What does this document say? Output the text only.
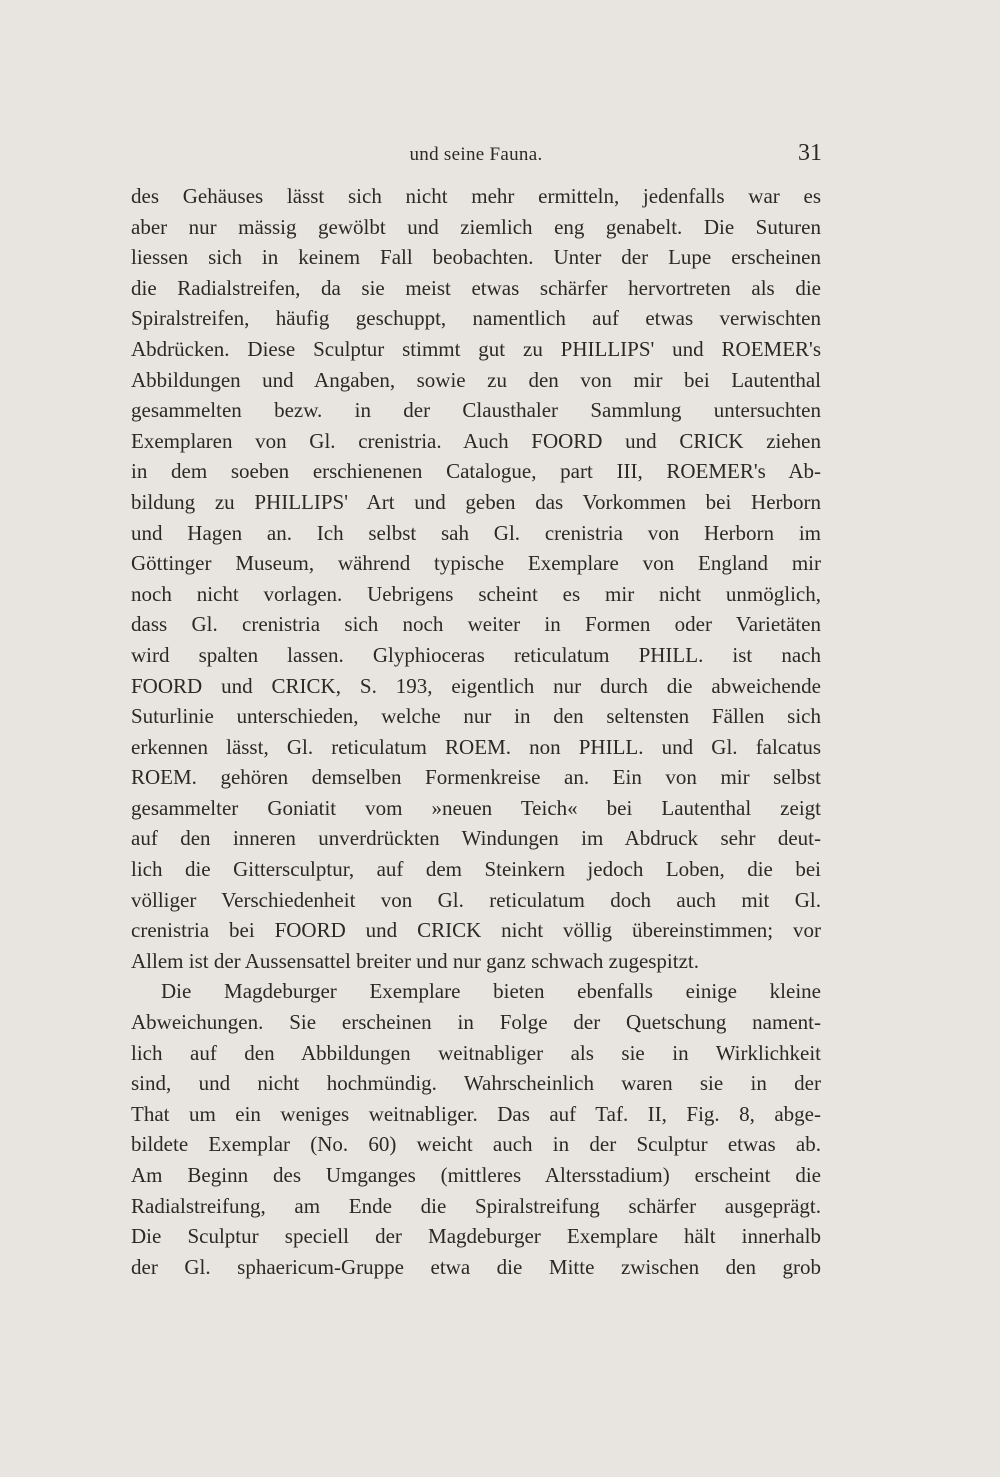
und seine Fauna.	31
des Gehäuses lässt sich nicht mehr ermitteln, jedenfalls war es
aber nur mässig gewölbt und ziemlich eng genabelt. Die Suturen
liessen sich in keinem Fall beobachten. Unter der Lupe erscheinen
die Radialstreifen, da sie meist etwas schärfer hervortreten als die
Spiralstreifen, häufig geschuppt, namentlich auf etwas verwischten
Abdrücken. Diese Sculptur stimmt gut zu PHILLIPS' und ROEMER's
Abbildungen und Angaben, sowie zu den von mir bei Lautenthal
gesammelten bezw. in der Clausthaler Sammlung untersuchten
Exemplaren von Gl. crenistria. Auch FOORD und CRICK ziehen
in dem soeben erschienenen Catalogue, part III, ROEMER's Ab-
bildung zu PHILLIPS' Art und geben das Vorkommen bei Herborn
und Hagen an. Ich selbst sah Gl. crenistria von Herborn im
Göttinger Museum, während typische Exemplare von England mir
noch nicht vorlagen. Uebrigens scheint es mir nicht unmöglich,
dass Gl. crenistria sich noch weiter in Formen oder Varietäten
wird spalten lassen. Glyphioceras reticulatum PHILL. ist nach
FOORD und CRICK, S. 193, eigentlich nur durch die abweichende
Suturlinie unterschieden, welche nur in den seltensten Fällen sich
erkennen lässt, Gl. reticulatum ROEM. non PHILL. und Gl. falcatus
ROEM. gehören demselben Formenkreise an. Ein von mir selbst
gesammelter Goniatit vom »neuen Teich« bei Lautenthal zeigt
auf den inneren unverdrückten Windungen im Abdruck sehr deut-
lich die Gittersculptur, auf dem Steinkern jedoch Loben, die bei
völliger Verschiedenheit von Gl. reticulatum doch auch mit Gl.
crenistria bei FOORD und CRICK nicht völlig übereinstimmen; vor
Allem ist der Aussensattel breiter und nur ganz schwach zugespitzt.
Die Magdeburger Exemplare bieten ebenfalls einige kleine
Abweichungen. Sie erscheinen in Folge der Quetschung nament-
lich auf den Abbildungen weitnabliger als sie in Wirklichkeit
sind, und nicht hochmündig. Wahrscheinlich waren sie in der
That um ein weniges weitnabliger. Das auf Taf. II, Fig. 8, abge-
bildete Exemplar (No. 60) weicht auch in der Sculptur etwas ab.
Am Beginn des Umganges (mittleres Altersstadium) erscheint die
Radialstreifung, am Ende die Spiralstreifung schärfer ausgeprägt.
Die Sculptur speciell der Magdeburger Exemplare hält innerhalb
der Gl. sphaericum-Gruppe etwa die Mitte zwischen den grob
